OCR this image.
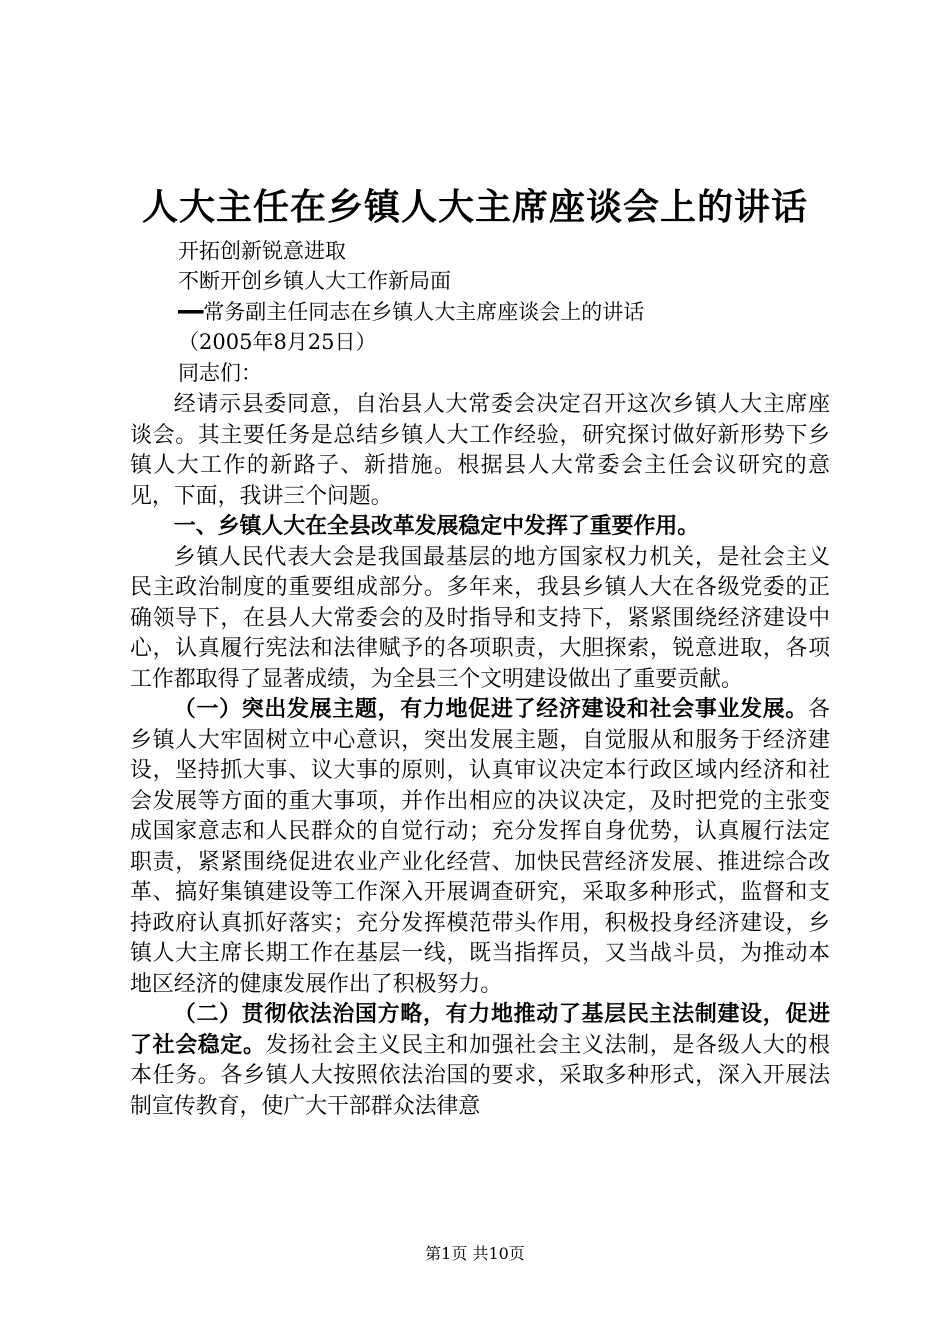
人大主任在乡镇人大主席座谈会上的讲话
开拓创新锐意进取
不断开创乡镇人大工作新局面
━━常务副主任同志在乡镇人大主席座谈会上的讲话
（2005年8月25日）
同志们：

经请示县委同意，自治县人大常委会决定召开这次乡镇人大主席座谈会。其主要任务是总结乡镇人大工作经验，研究探讨做好新形势下乡镇人大工作的新路子、新措施。根据县人大常委会主任会议研究的意见，下面，我讲三个问题。

一、乡镇人大在全县改革发展稳定中发挥了重要作用。

乡镇人民代表大会是我国最基层的地方国家权力机关，是社会主义民主政治制度的重要组成部分。多年来，我县乡镇人大在各级党委的正确领导下，在县人大常委会的及时指导和支持下，紧紧围绕经济建设中心，认真履行宪法和法律赋予的各项职责，大胆探索，锐意进取，各项工作都取得了显著成绩，为全县三个文明建设做出了重要贡献。

（一）突出发展主题，有力地促进了经济建设和社会事业发展。各乡镇人大牢固树立中心意识，突出发展主题，自觉服从和服务于经济建设，坚持抓大事、议大事的原则，认真审议决定本行政区域内经济和社会发展等方面的重大事项，并作出相应的决议决定，及时把党的主张变成国家意志和人民群众的自觉行动；充分发挥自身优势，认真履行法定职责，紧紧围绕促进农业产业化经营、加快民营经济发展、推进综合改革、搞好集镇建设等工作深入开展调查研究，采取多种形式，监督和支持政府认真抓好落实；充分发挥模范带头作用，积极投身经济建设，乡镇人大主席长期工作在基层一线，既当指挥员，又当战斗员，为推动本地区经济的健康发展作出了积极努力。

（二）贯彻依法治国方略，有力地推动了基层民主法制建设，促进了社会稳定。发扬社会主义民主和加强社会主义法制，是各级人大的根本任务。各乡镇人大按照依法治国的要求，采取多种形式，深入开展法制宣传教育，使广大干部群众法律意

第1页 共10页
